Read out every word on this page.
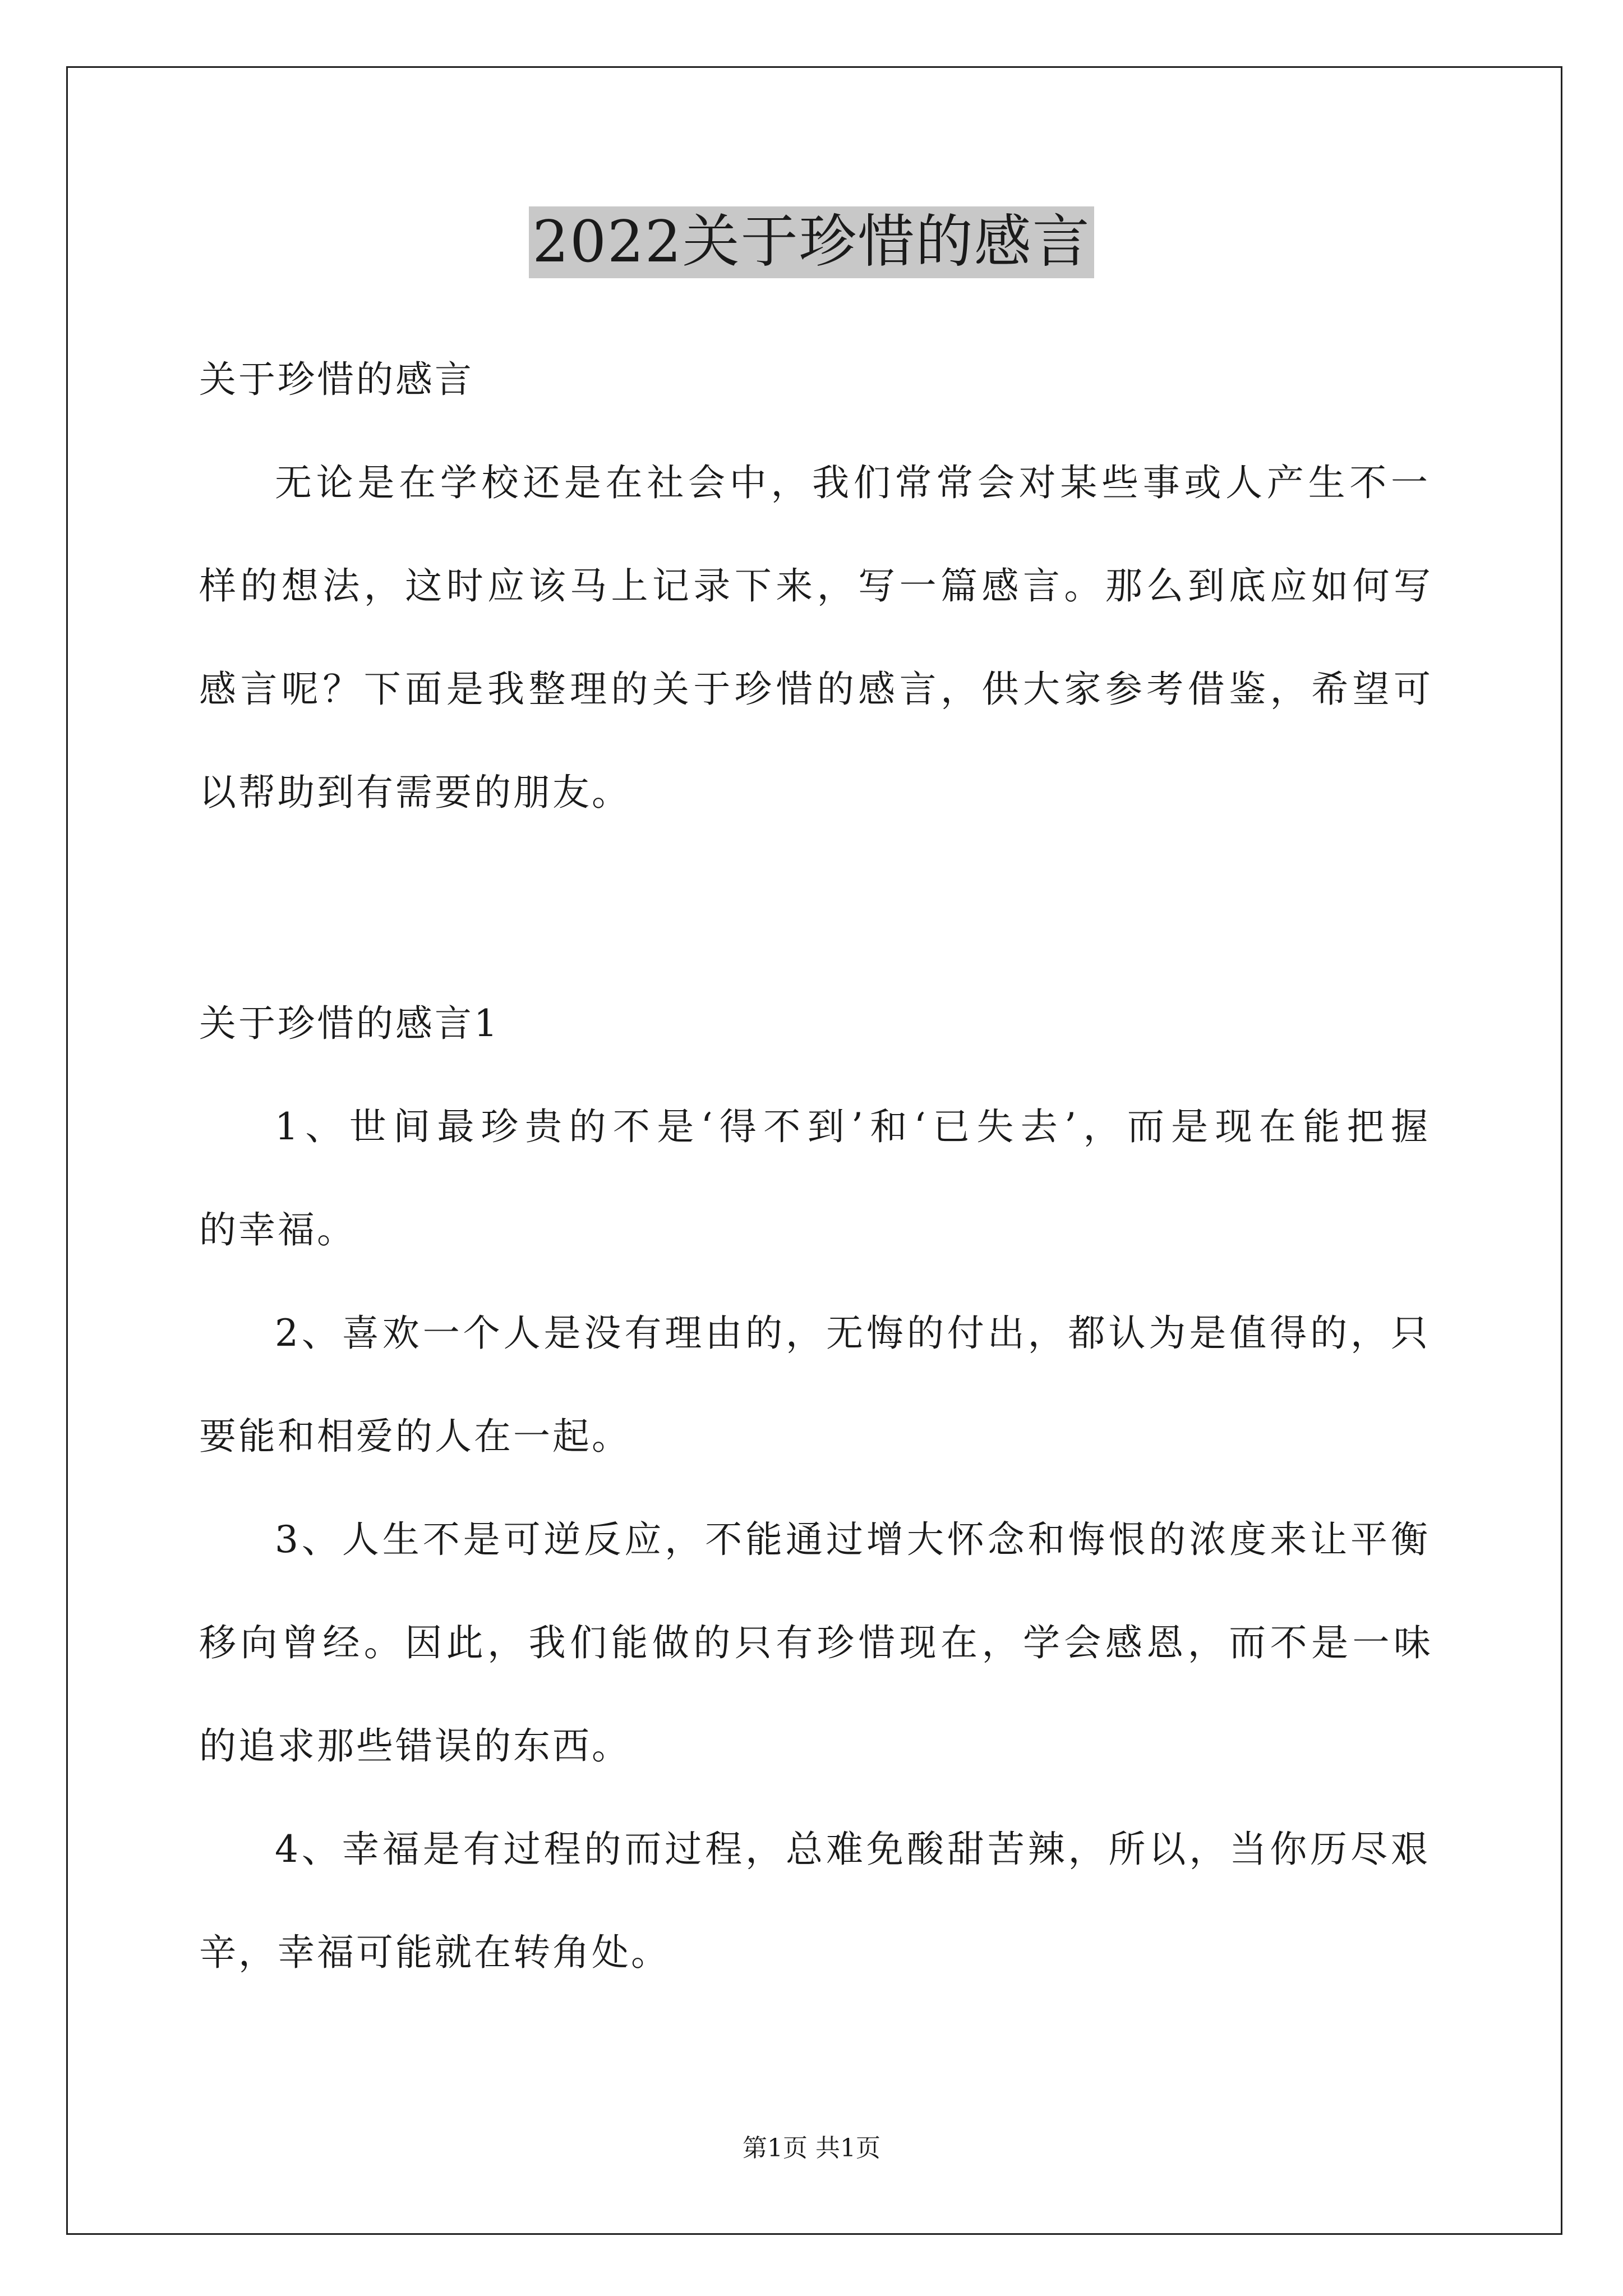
2022关于珍惜的感言
关于珍惜的感言
无论是在学校还是在社会中，我们常常会对某些事或人产生不一
样的想法，这时应该马上记录下来，写一篇感言。那么到底应如何写
感言呢？下面是我整理的关于珍惜的感言，供大家参考借鉴，希望可
以帮助到有需要的朋友。
关于珍惜的感言1
1、世间最珍贵的不是‘得不到’和‘已失去’，而是现在能把握
的幸福。
2、喜欢一个人是没有理由的，无悔的付出，都认为是值得的，只
要能和相爱的人在一起。
3、人生不是可逆反应，不能通过增大怀念和悔恨的浓度来让平衡
移向曾经。因此，我们能做的只有珍惜现在，学会感恩，而不是一味
的追求那些错误的东西。
4、幸福是有过程的而过程，总难免酸甜苦辣，所以，当你历尽艰
辛，幸福可能就在转角处。
第1页 共1页
